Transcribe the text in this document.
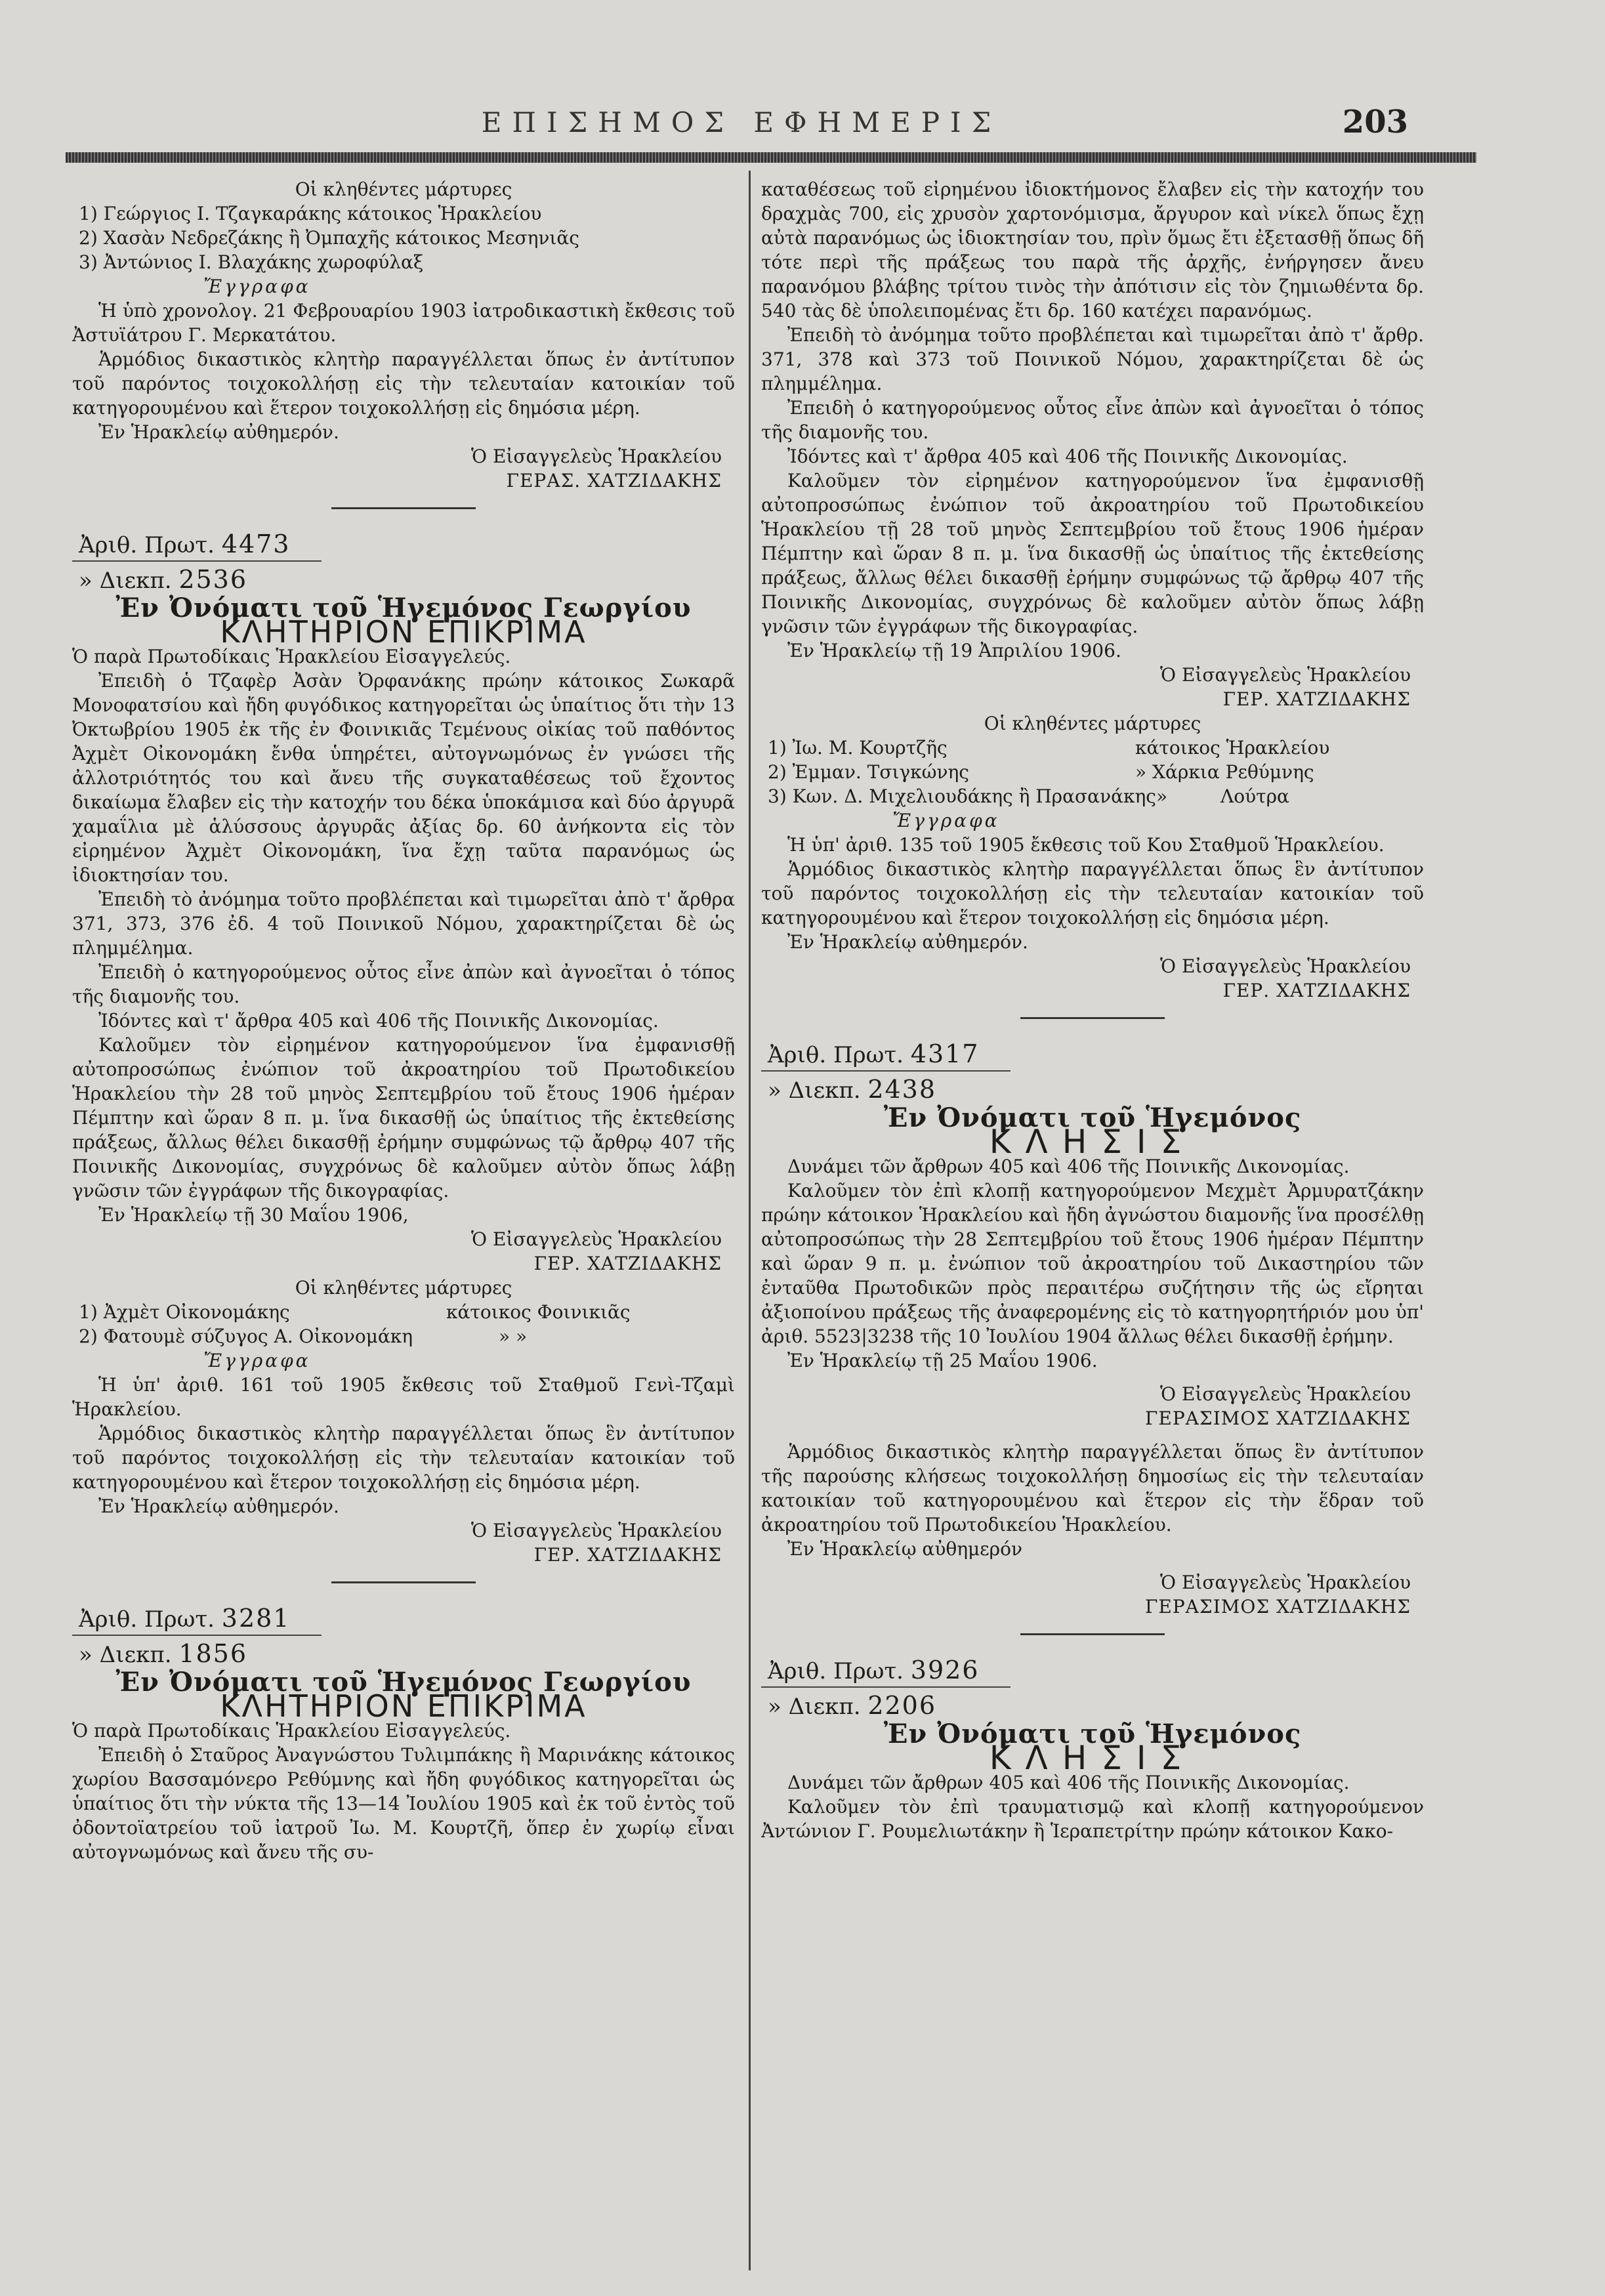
ΕΠΙΣΗΜΟΣ ΕΦΗΜΕΡΙΣ	203

Οἱ κληθέντες μάρτυρες

1) Γεώργιος Ι. Τζαγκαράκης κάτοικος Ἡρακλείου

2) Χασὰν Νεδρεζάκης ἢ Ὀμπαχῆς κάτοικος Μεσηνιᾶς

3) Ἀντώνιος Ι. Βλαχάκης χωροφύλαξ

Ἔγγραφα

Ἡ ὑπὸ χρονολογ. 21 Φεβρουαρίου 1903 ἰατροδικαστικὴ ἔκθεσις τοῦ Ἀστυϊάτρου Γ. Μερκατάτου.

Ἁρμόδιος δικαστικὸς κλητὴρ παραγγέλλεται ὅπως ἐν ἀντίτυπον τοῦ παρόντος τοιχοκολλήσῃ εἰς τὴν τελευταίαν κατοικίαν τοῦ κατηγορουμένου καὶ ἕτερον τοιχοκολλήσῃ εἰς δημόσια μέρη.

Ἐν Ἡρακλείῳ αὐθημερόν.

Ὁ Εἰσαγγελεὺς Ἡρακλείου

ΓΕΡΑΣ. ΧΑΤΖΙΔΑΚΗΣ

Ἀριθ. Πρωτ. 4473
» Διεκπ. 2536

Ἐν Ὀνόματι τοῦ Ἡγεμόνος Γεωργίου

ΚΛΗΤΗΡΙΟΝ ΕΠΙΚΡΙΜΑ

Ὁ παρὰ Πρωτοδίκαις Ἡρακλείου Εἰσαγγελεύς.

Ἐπειδὴ ὁ Τζαφὲρ Ἀσὰν Ὀρφανάκης πρώην κάτοικος Σωκαρᾶ Μονοφατσίου καὶ ἤδη φυγόδικος κατηγορεῖται ὡς ὑπαίτιος ὅτι τὴν 13 Ὀκτωβρίου 1905 ἐκ τῆς ἐν Φοινικιᾶς Τεμένους οἰκίας τοῦ παθόντος Ἀχμὲτ Οἰκονομάκη ἔνθα ὑπηρέτει, αὐτογνωμόνως ἐν γνώσει τῆς ἀλλοτριότητός του καὶ ἄνευ τῆς συγκαταθέσεως τοῦ ἔχοντος δικαίωμα ἔλαβεν εἰς τὴν κατοχήν του δέκα ὑποκάμισα καὶ δύο ἀργυρᾶ χαμαΐλια μὲ ἁλύσσους ἀργυρᾶς ἀξίας δρ. 60 ἀνήκοντα εἰς τὸν εἰρημένον Ἀχμὲτ Οἰκονομάκη, ἵνα ἔχῃ ταῦτα παρανόμως ὡς ἰδιοκτησίαν του.

Ἐπειδὴ τὸ ἀνόμημα τοῦτο προβλέπεται καὶ τιμωρεῖται ἀπὸ τ' ἄρθρα 371, 373, 376 ἐδ. 4 τοῦ Ποινικοῦ Νόμου, χαρακτηρίζεται δὲ ὡς πλημμέλημα.

Ἐπειδὴ ὁ κατηγορούμενος οὗτος εἶνε ἀπὼν καὶ ἀγνοεῖται ὁ τόπος τῆς διαμονῆς του.

Ἰδόντες καὶ τ' ἄρθρα 405 καὶ 406 τῆς Ποινικῆς Δικονομίας.

Καλοῦμεν τὸν εἰρημένον κατηγορούμενον ἵνα ἐμφανισθῇ αὐτοπροσώπως ἐνώπιον τοῦ ἀκροατηρίου τοῦ Πρωτοδικείου Ἡρακλείου τὴν 28 τοῦ μηνὸς Σεπτεμβρίου τοῦ ἔτους 1906 ἡμέραν Πέμπτην καὶ ὥραν 8 π. μ. ἵνα δικασθῇ ὡς ὑπαίτιος τῆς ἐκτεθείσης πράξεως, ἄλλως θέλει δικασθῇ ἐρήμην συμφώνως τῷ ἄρθρῳ 407 τῆς Ποινικῆς Δικονομίας, συγχρόνως δὲ καλοῦμεν αὐτὸν ὅπως λάβῃ γνῶσιν τῶν ἐγγράφων τῆς δικογραφίας.

Ἐν Ἡρακλείῳ τῇ 30 Μαΐου 1906,

Ὁ Εἰσαγγελεὺς Ἡρακλείου

ΓΕΡ. ΧΑΤΖΙΔΑΚΗΣ

Οἱ κληθέντες μάρτυρες

1) Ἀχμὲτ Οἰκονομάκης	κάτοικος Φοινικιᾶς

2) Φατουμὲ σύζυγος Α. Οἰκονομάκη	» »

Ἔγγραφα

Ἡ ὑπ' ἀριθ. 161 τοῦ 1905 ἔκθεσις τοῦ Σταθμοῦ Γενὶ-Τζαμὶ Ἡρακλείου.

Ἁρμόδιος δικαστικὸς κλητὴρ παραγγέλλεται ὅπως ἓν ἀντίτυπον τοῦ παρόντος τοιχοκολλήσῃ εἰς τὴν τελευταίαν κατοικίαν τοῦ κατηγορουμένου καὶ ἕτερον τοιχοκολλήσῃ εἰς δημόσια μέρη.

Ἐν Ἡρακλείῳ αὐθημερόν.

Ὁ Εἰσαγγελεὺς Ἡρακλείου

ΓΕΡ. ΧΑΤΖΙΔΑΚΗΣ

Ἀριθ. Πρωτ. 3281
» Διεκπ. 1856

Ἐν Ὀνόματι τοῦ Ἡγεμόνος Γεωργίου

ΚΛΗΤΗΡΙΟΝ ΕΠΙΚΡΙΜΑ

Ὁ παρὰ Πρωτοδίκαις Ἡρακλείου Εἰσαγγελεύς.

Ἐπειδὴ ὁ Σταῦρος Ἀναγνώστου Τυλιμπάκης ἢ Μαρινάκης κάτοικος χωρίου Βασσαμόνερο Ρεθύμνης καὶ ἤδη φυγόδικος κατηγορεῖται ὡς ὑπαίτιος ὅτι τὴν νύκτα τῆς 13—14 Ἰουλίου 1905 καὶ ἐκ τοῦ ἐντὸς τοῦ ὀδοντοϊατρείου τοῦ ἰατροῦ Ἰω. Μ. Κουρτζῆ, ὅπερ ἐν χωρίῳ εἶναι αὐτογνωμόνως καὶ ἄνευ τῆς συ-

καταθέσεως τοῦ εἰρημένου ἰδιοκτήμονος ἔλαβεν εἰς τὴν κατοχήν του δραχμὰς 700, εἰς χρυσὸν χαρτονόμισμα, ἄργυρον καὶ νίκελ ὅπως ἔχῃ αὐτὰ παρανόμως ὡς ἰδιοκτησίαν του, πρὶν ὅμως ἔτι ἐξετασθῇ ὅπως δῆ τότε περὶ τῆς πράξεως του παρὰ τῆς ἀρχῆς, ἐνήργησεν ἄνευ παρανόμου βλάβης τρίτου τινὸς τὴν ἀπότισιν εἰς τὸν ζημιωθέντα δρ. 540 τὰς δὲ ὑπολειπομένας ἔτι δρ. 160 κατέχει παρανόμως.

Ἐπειδὴ τὸ ἀνόμημα τοῦτο προβλέπεται καὶ τιμωρεῖται ἀπὸ τ' ἄρθρ. 371, 378 καὶ 373 τοῦ Ποινικοῦ Νόμου, χαρακτηρίζεται δὲ ὡς πλημμέλημα.

Ἐπειδὴ ὁ κατηγορούμενος οὗτος εἶνε ἀπὼν καὶ ἀγνοεῖται ὁ τόπος τῆς διαμονῆς του.

Ἰδόντες καὶ τ' ἄρθρα 405 καὶ 406 τῆς Ποινικῆς Δικονομίας.

Καλοῦμεν τὸν εἰρημένον κατηγορούμενον ἵνα ἐμφανισθῇ αὐτοπροσώπως ἐνώπιον τοῦ ἀκροατηρίου τοῦ Πρωτοδικείου Ἡρακλείου τῇ 28 τοῦ μηνὸς Σεπτεμβρίου τοῦ ἔτους 1906 ἡμέραν Πέμπτην καὶ ὥραν 8 π. μ. ἵνα δικασθῇ ὡς ὑπαίτιος τῆς ἐκτεθείσης πράξεως, ἄλλως θέλει δικασθῇ ἐρήμην συμφώνως τῷ ἄρθρῳ 407 τῆς Ποινικῆς Δικονομίας, συγχρόνως δὲ καλοῦμεν αὐτὸν ὅπως λάβῃ γνῶσιν τῶν ἐγγράφων τῆς δικογραφίας.

Ἐν Ἡρακλείῳ τῇ 19 Ἀπριλίου 1906.

Ὁ Εἰσαγγελεὺς Ἡρακλείου

ΓΕΡ. ΧΑΤΖΙΔΑΚΗΣ

Οἱ κληθέντες μάρτυρες

1) Ἰω. Μ. Κουρτζῆς	κάτοικος Ἡρακλείου

2) Ἐμμαν. Τσιγκώνης	» Χάρκια Ρεθύμνης

3) Κων. Δ. Μιχελιουδάκης ἢ Πρασανάκης»	Λούτρα

Ἔγγραφα

Ἡ ὑπ' ἀριθ. 135 τοῦ 1905 ἔκθεσις τοῦ Κου Σταθμοῦ Ἡρακλείου.

Ἁρμόδιος δικαστικὸς κλητὴρ παραγγέλλεται ὅπως ἓν ἀντίτυπον τοῦ παρόντος τοιχοκολλήσῃ εἰς τὴν τελευταίαν κατοικίαν τοῦ κατηγορουμένου καὶ ἕτερον τοιχοκολλήσῃ εἰς δημόσια μέρη.

Ἐν Ἡρακλείῳ αὐθημερόν.

Ὁ Εἰσαγγελεὺς Ἡρακλείου

ΓΕΡ. ΧΑΤΖΙΔΑΚΗΣ

Ἀριθ. Πρωτ. 4317
» Διεκπ. 2438

Ἐν Ὀνόματι τοῦ Ἡγεμόνος

ΚΛΗΣΙΣ

Δυνάμει τῶν ἄρθρων 405 καὶ 406 τῆς Ποινικῆς Δικονομίας.

Καλοῦμεν τὸν ἐπὶ κλοπῇ κατηγορούμενον Μεχμὲτ Ἀρμυρατζάκην πρώην κάτοικον Ἡρακλείου καὶ ἤδη ἀγνώστου διαμονῆς ἵνα προσέλθῃ αὐτοπροσώπως τὴν 28 Σεπτεμβρίου τοῦ ἔτους 1906 ἡμέραν Πέμπτην καὶ ὥραν 9 π. μ. ἐνώπιον τοῦ ἀκροατηρίου τοῦ Δικαστηρίου τῶν ἐνταῦθα Πρωτοδικῶν πρὸς περαιτέρω συζήτησιν τῆς ὡς εἴρηται ἀξιοποίνου πράξεως τῆς ἀναφερομένης εἰς τὸ κατηγορητήριόν μου ὑπ' ἀριθ. 5523|3238 τῆς 10 Ἰουλίου 1904 ἄλλως θέλει δικασθῇ ἐρήμην.

Ἐν Ἡρακλείῳ τῇ 25 Μαΐου 1906.

Ὁ Εἰσαγγελεὺς Ἡρακλείου

ΓΕΡΑΣΙΜΟΣ ΧΑΤΖΙΔΑΚΗΣ

Ἁρμόδιος δικαστικὸς κλητὴρ παραγγέλλεται ὅπως ἓν ἀντίτυπον τῆς παρούσης κλήσεως τοιχοκολλήσῃ δημοσίως εἰς τὴν τελευταίαν κατοικίαν τοῦ κατηγορουμένου καὶ ἕτερον εἰς τὴν ἕδραν τοῦ ἀκροατηρίου τοῦ Πρωτοδικείου Ἡρακλείου.

Ἐν Ἡρακλείῳ αὐθημερόν

Ὁ Εἰσαγγελεὺς Ἡρακλείου

ΓΕΡΑΣΙΜΟΣ ΧΑΤΖΙΔΑΚΗΣ

Ἀριθ. Πρωτ. 3926
» Διεκπ. 2206

Ἐν Ὀνόματι τοῦ Ἡγεμόνος

ΚΛΗΣΙΣ

Δυνάμει τῶν ἄρθρων 405 καὶ 406 τῆς Ποινικῆς Δικονομίας.

Καλοῦμεν τὸν ἐπὶ τραυματισμῷ καὶ κλοπῇ κατηγορούμενον Ἀντώνιον Γ. Ρουμελιωτάκην ἢ Ἱεραπετρίτην πρώην κάτοικον Κακο-
